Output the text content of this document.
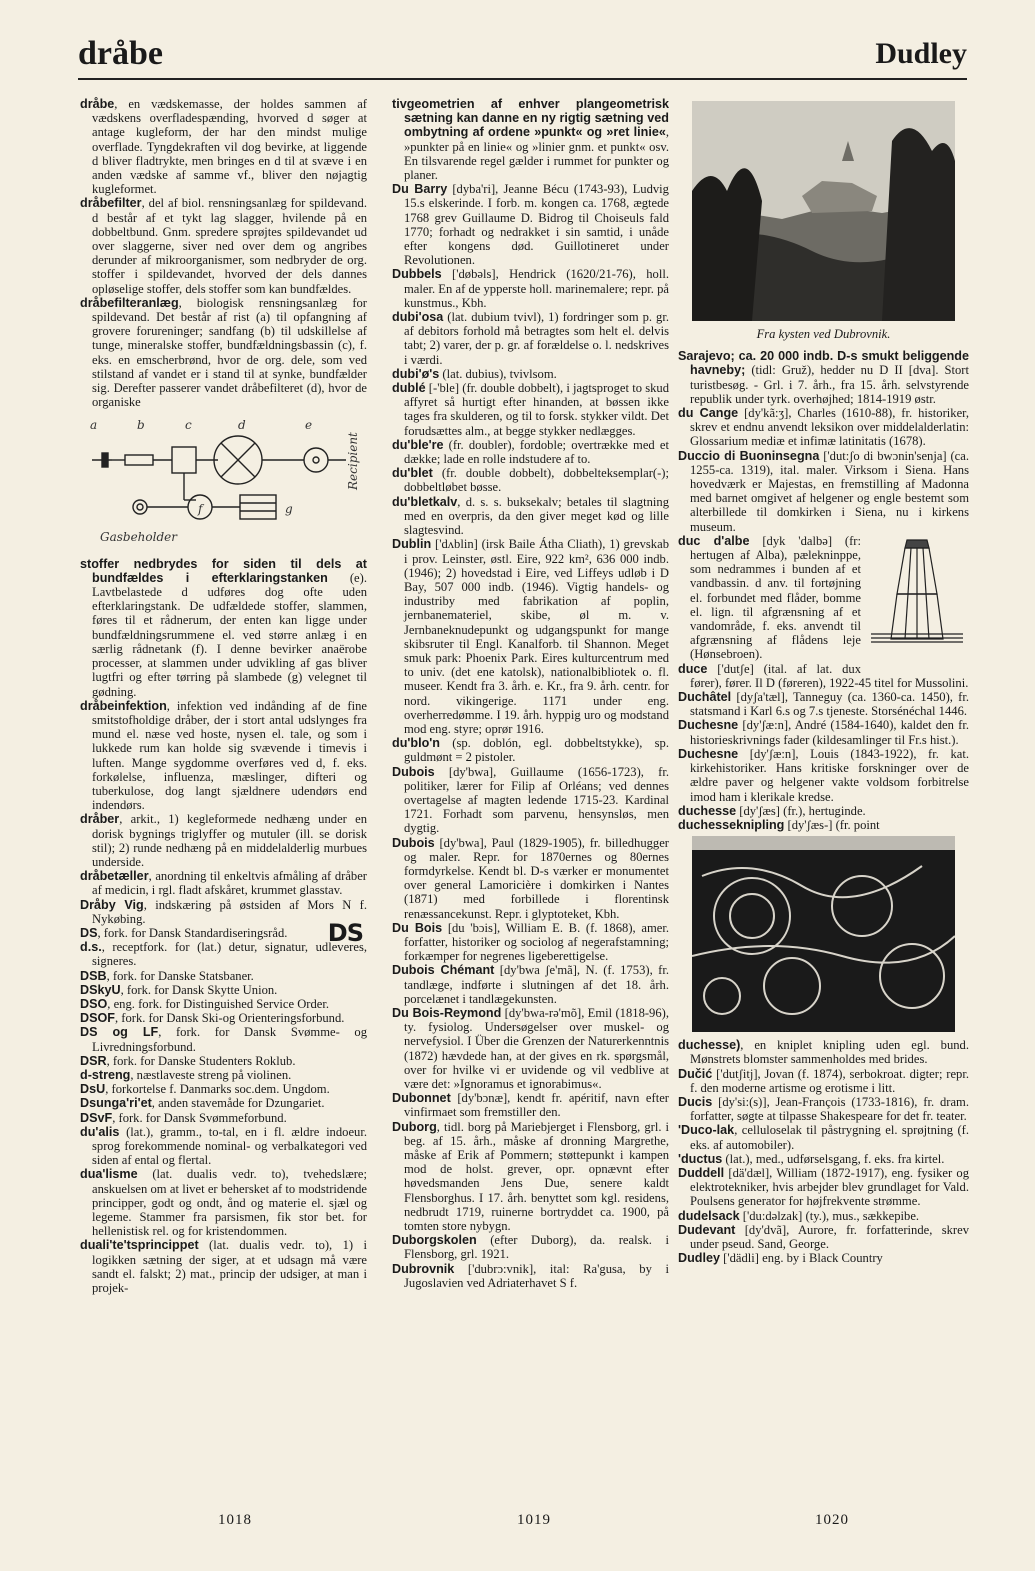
dråbe	Dudley

dråbe, en vædskemasse, der holdes sammen af vædskens overfladespænding, hvorved d søger at antage kugleform, der har den mindst mulige overflade. Tyngdekraften vil dog bevirke, at liggende d bliver fladtrykte, men bringes en d til at svæve i en anden vædske af samme vf., bliver den nøjagtig kugleformet.

dråbefilter, del af biol. rensningsanlæg for spildevand. d består af et tykt lag slagger, hvilende på en dobbeltbund. Gnm. spredere sprøjtes spildevandet ud over slaggerne, siver ned over dem og angribes derunder af mikroorganismer, som nedbryder de org. stoffer i spildevandet, hvorved der dels dannes opløselige stoffer, dels stoffer som kan bundfældes.

dråbefilteranlæg, biologisk rensningsanlæg for spildevand. Det består af rist (a) til opfangning af grovere forureninger; sandfang (b) til udskillelse af tunge, mineralske stoffer, bundfældningsbassin (c), f. eks. en emscherbrønd, hvor de org. dele, som ved stilstand af vandet er i stand til at synke, bundfælder sig. Derefter passerer vandet dråbefilteret (d), hvor de organiske

a	b	c	d	e
f	g
Gasbeholder
Recipient

stoffer nedbrydes for siden til dels at bundfældes i efterklaringstanken (e). Lavtbelastede d udføres dog ofte uden efterklaringstank. De udfældede stoffer, slammen, føres til et rådnerum, der enten kan ligge under bundfældningsrummene el. ved større anlæg i en særlig rådnetank (f). I denne bevirker anaërobe processer, at slammen under udvikling af gas bliver lugtfri og efter tørring på slambede (g) velegnet til gødning.

dråbeinfektion, infektion ved indånding af de fine smitstofholdige dråber, der i stort antal udslynges fra mund el. næse ved hoste, nysen el. tale, og som i lukkede rum kan holde sig svævende i timevis i luften. Mange sygdomme overføres ved d, f. eks. forkølelse, influenza, mæslinger, difteri og tuberkulose, dog langt sjældnere udendørs end indendørs.

dråber, arkit., 1) kegleformede nedhæng under en dorisk bygnings triglyffer og mutuler (ill. se dorisk stil); 2) runde nedhæng på en middelalderlig murbues underside.

dråbetæller, anordning til enkeltvis afmåling af dråber af medicin, i rgl. fladt afskåret, krummet glasstav.

Dråby Vig, indskæring på østsiden af Mors N f. Nykøbing.

DS

DS, fork. for Dansk Standardiseringsråd.

d.s., receptfork. for (lat.) detur, signatur, udleveres, signeres.

DSB, fork. for Danske Statsbaner.

DSkyU, fork. for Dansk Skytte Union.

DSO, eng. fork. for Distinguished Service Order.

DSOF, fork. for Dansk Ski-og Orienteringsforbund.

DS og LF, fork. for Dansk Svømme- og Livredningsforbund.

DSR, fork. for Danske Studenters Roklub.

d-streng, næstlaveste streng på violinen.

DsU, forkortelse f. Danmarks soc.dem. Ungdom.

Dsunga'ri'et, anden stavemåde for Dzungariet.

DSvF, fork. for Dansk Svømmeforbund.

du'alis (lat.), gramm., to-tal, en i fl. ældre indoeur. sprog forekommende nominal- og verbalkategori ved siden af ental og flertal.

dua'lisme (lat. dualis vedr. to), tvehedslære; anskuelsen om at livet er behersket af to modstridende principper, godt og ondt, ånd og materie el. sjæl og legeme. Stammer fra parsismen, fik stor bet. for hellenistisk rel. og for kristendommen.

duali'te'tsprincippet (lat. dualis vedr. to), 1) i logikken sætning der siger, at et udsagn må være sandt el. falskt; 2) mat., princip der udsiger, at man i projek-

tivgeometrien af enhver plangeometrisk sætning kan danne en ny rigtig sætning ved ombytning af ordene »punkt« og »ret linie«, »punkter på en linie« og »linier gnm. et punkt« osv. En tilsvarende regel gælder i rummet for punkter og planer.

Du Barry [dyba'ri], Jeanne Bécu (1743-93), Ludvig 15.s elskerinde. I forb. m. kongen ca. 1768, ægtede 1768 grev Guillaume D. Bidrog til Choiseuls fald 1770; forhadt og nedrakket i sin samtid, i unåde efter kongens død. Guillotineret under Revolutionen.

Dubbels ['døbəls], Hendrick (1620/21-76), holl. maler. En af de ypperste holl. marinemalere; repr. på kunstmus., Kbh.

dubi'osa (lat. dubium tvivl), 1) fordringer som p. gr. af debitors forhold må betragtes som helt el. delvis tabt; 2) varer, der p. gr. af forældelse o. l. nedskrives i værdi.

dubi'ø's (lat. dubius), tvivlsom.

dublé [-'ble] (fr. double dobbelt), i jagtsproget to skud affyret så hurtigt efter hinanden, at bøssen ikke tages fra skulderen, og til to forsk. stykker vildt. Det forudsættes alm., at begge stykker nedlægges.

du'ble're (fr. doubler), fordoble; overtrække med et dække; lade en rolle indstudere af to.

du'blet (fr. double dobbelt), dobbelteksemplar(-); dobbeltløbet bøsse.

du'bletkalv, d. s. s. buksekalv; betales til slagtning med en overpris, da den giver meget kød og lille slagtesvind.

Dublin ['dʌblin] (irsk Baile Átha Cliath), 1) grevskab i prov. Leinster, østl. Eire, 922 km², 636 000 indb. (1946); 2) hovedstad i Eire, ved Liffeys udløb i D Bay, 507 000 indb. (1946). Vigtig handels- og industriby med fabrikation af poplin, jernbanemateriel, skibe, øl m. v. Jernbaneknudepunkt og udgangspunkt for mange skibsruter til Engl. Kanalforb. til Shannon. Meget smuk park: Phoenix Park. Eires kulturcentrum med to univ. (det ene katolsk), nationalbibliotek o. fl. museer. Kendt fra 3. årh. e. Kr., fra 9. årh. centr. for nord. vikingerige. 1171 under eng. overherredømme. I 19. årh. hyppig uro og modstand mod eng. styre; oprør 1916.

du'blo'n (sp. doblón, egl. dobbeltstykke), sp. guldmønt = 2 pistoler.

Dubois [dy'bwa], Guillaume (1656-1723), fr. politiker, lærer for Filip af Orléans; ved dennes overtagelse af magten ledende 1715-23. Kardinal 1721. Forhadt som parvenu, hensynsløs, men dygtig.

Dubois [dy'bwa], Paul (1829-1905), fr. billedhugger og maler. Repr. for 1870ernes og 80ernes formdyrkelse. Kendt bl. D-s værker er monumentet over general Lamoricière i domkirken i Nantes (1871) med forbillede i florentinsk renæssancekunst. Repr. i glyptoteket, Kbh.

Du Bois [du 'bɔis], William E. B. (f. 1868), amer. forfatter, historiker og sociolog af negerafstamning; forkæmper for negrenes ligeberettigelse.

Dubois Chémant [dy'bwa ʃe'mã], N. (f. 1753), fr. tandlæge, indførte i slutningen af det 18. årh. porcelænet i tandlægekunsten.

Du Bois-Reymond [dy'bwa-rə'mõ], Emil (1818-96), ty. fysiolog. Undersøgelser over muskel- og nervefysiol. I Über die Grenzen der Naturerkenntnis (1872) hævdede han, at der gives en rk. spørgsmål, over for hvilke vi er uvidende og vil vedblive at være det: »Ignoramus et ignorabimus«.

Dubonnet [dy'bɔnæ], kendt fr. apéritif, navn efter vinfirmaet som fremstiller den.

Duborg, tidl. borg på Mariebjerget i Flensborg, grl. i beg. af 15. årh., måske af dronning Margrethe, måske af Erik af Pommern; støttepunkt i kampen mod de holst. grever, opr. opnævnt efter høvedsmanden Jens Due, senere kaldt Flensborghus. I 17. årh. benyttet som kgl. residens, nedbrudt 1719, ruinerne bortryddet ca. 1900, på tomten store nybygn.

Duborgskolen (efter Duborg), da. realsk. i Flensborg, grl. 1921.

Dubrovnik ['dubrɔ:vnik], ital: Ra'gusa, by i Jugoslavien ved Adriaterhavet S f.

Fra kysten ved Dubrovnik.

Sarajevo; ca. 20 000 indb. D-s smukt beliggende havneby; (tidl: Gruž), hedder nu D II [dva]. Stort turistbesøg. - Grl. i 7. årh., fra 15. årh. selvstyrende republik under tyrk. overhøjhed; 1814-1919 østr.

du Cange [dy'kã:ʒ], Charles (1610-88), fr. historiker, skrev et endnu anvendt leksikon over middelalderlatin: Glossarium mediæ et infimæ latinitatis (1678).

Duccio di Buoninsegna ['dut:ʃo di bwɔnin'senja] (ca. 1255-ca. 1319), ital. maler. Virksom i Siena. Hans hovedværk er Majestas, en fremstilling af Madonna med barnet omgivet af helgener og engle bestemt som alterbillede til domkirken i Siena, nu i kirkens museum.

duc d'albe [dyk 'dalbə] (fr: hertugen af Alba), pælekninppe, som nedrammes i bunden af et vandbassin. d anv. til fortøjning el. forbundet med flåder, bomme el. lign. til afgrænsning af et vandområde, f. eks. anvendt til afgrænsning af flådens leje (Hønsebroen).

duce ['dutʃe] (ital. af lat. dux fører), fører. Il D (føreren), 1922-45 titel for Mussolini.

Duchâtel [dyʃa'tæl], Tanneguy (ca. 1360-ca. 1450), fr. statsmand i Karl 6.s og 7.s tjeneste. Storsénéchal 1446.

Duchesne [dy'ʃæ:n], André (1584-1640), kaldet den fr. historieskrivnings fader (kildesamlinger til Fr.s hist.).

Duchesne [dy'ʃæ:n], Louis (1843-1922), fr. kat. kirkehistoriker. Hans kritiske forskninger over de ældre paver og helgener vakte voldsom forbitrelse imod ham i klerikale kredse.

duchesse [dy'ʃæs] (fr.), hertuginde.

duchesseknipling [dy'ʃæs-] (fr. point

duchesse), en kniplet knipling uden egl. bund. Mønstrets blomster sammenholdes med brides.

Dučić ['dutʃitj], Jovan (f. 1874), serbokroat. digter; repr. f. den moderne artisme og erotisme i litt.

Ducis [dy'si:(s)], Jean-François (1733-1816), fr. dram. forfatter, søgte at tilpasse Shakespeare for det fr. teater.

'Duco-lak, celluloselak til påstrygning el. sprøjtning (f. eks. af automobiler).

'ductus (lat.), med., udførselsgang, f. eks. fra kirtel.

Duddell [dä'dæl], William (1872-1917), eng. fysiker og elektrotekniker, hvis arbejder blev grundlaget for Vald. Poulsens generator for højfrekvente strømme.

dudelsack ['du:dəlzak] (ty.), mus., sækkepibe.

Dudevant [dy'dvã], Aurore, fr. forfatterinde, skrev under pseud. Sand, George.

Dudley ['dädli] eng. by i Black Country

1018	1019	1020
